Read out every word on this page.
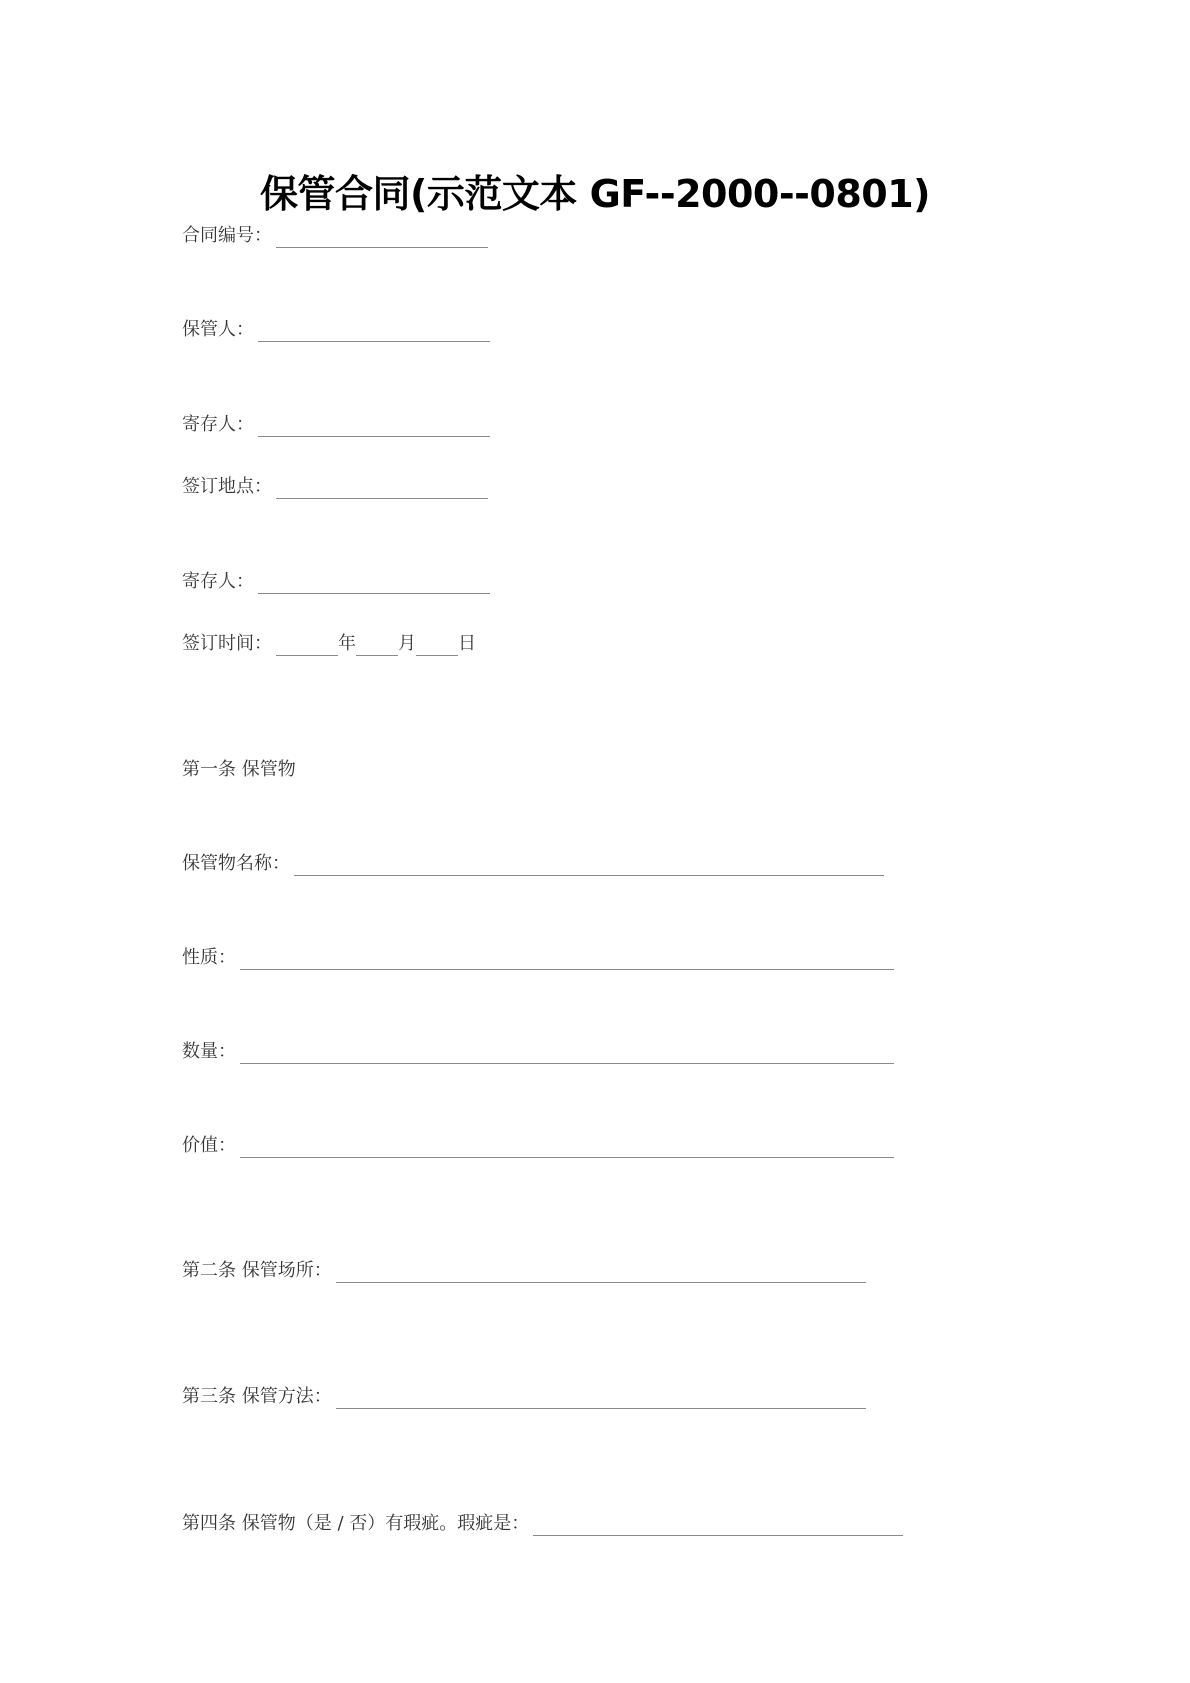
保管合同(示范文本 GF--2000--0801)
合同编号：
保管人：
寄存人：
签订地点：
寄存人：
签订时间：	年 月 日
第一条 保管物
保管物名称：
性质：
数量：
价值：
第二条 保管场所：
第三条 保管方法：
第四条 保管物（是 / 否）有瑕疵。瑕疵是：
